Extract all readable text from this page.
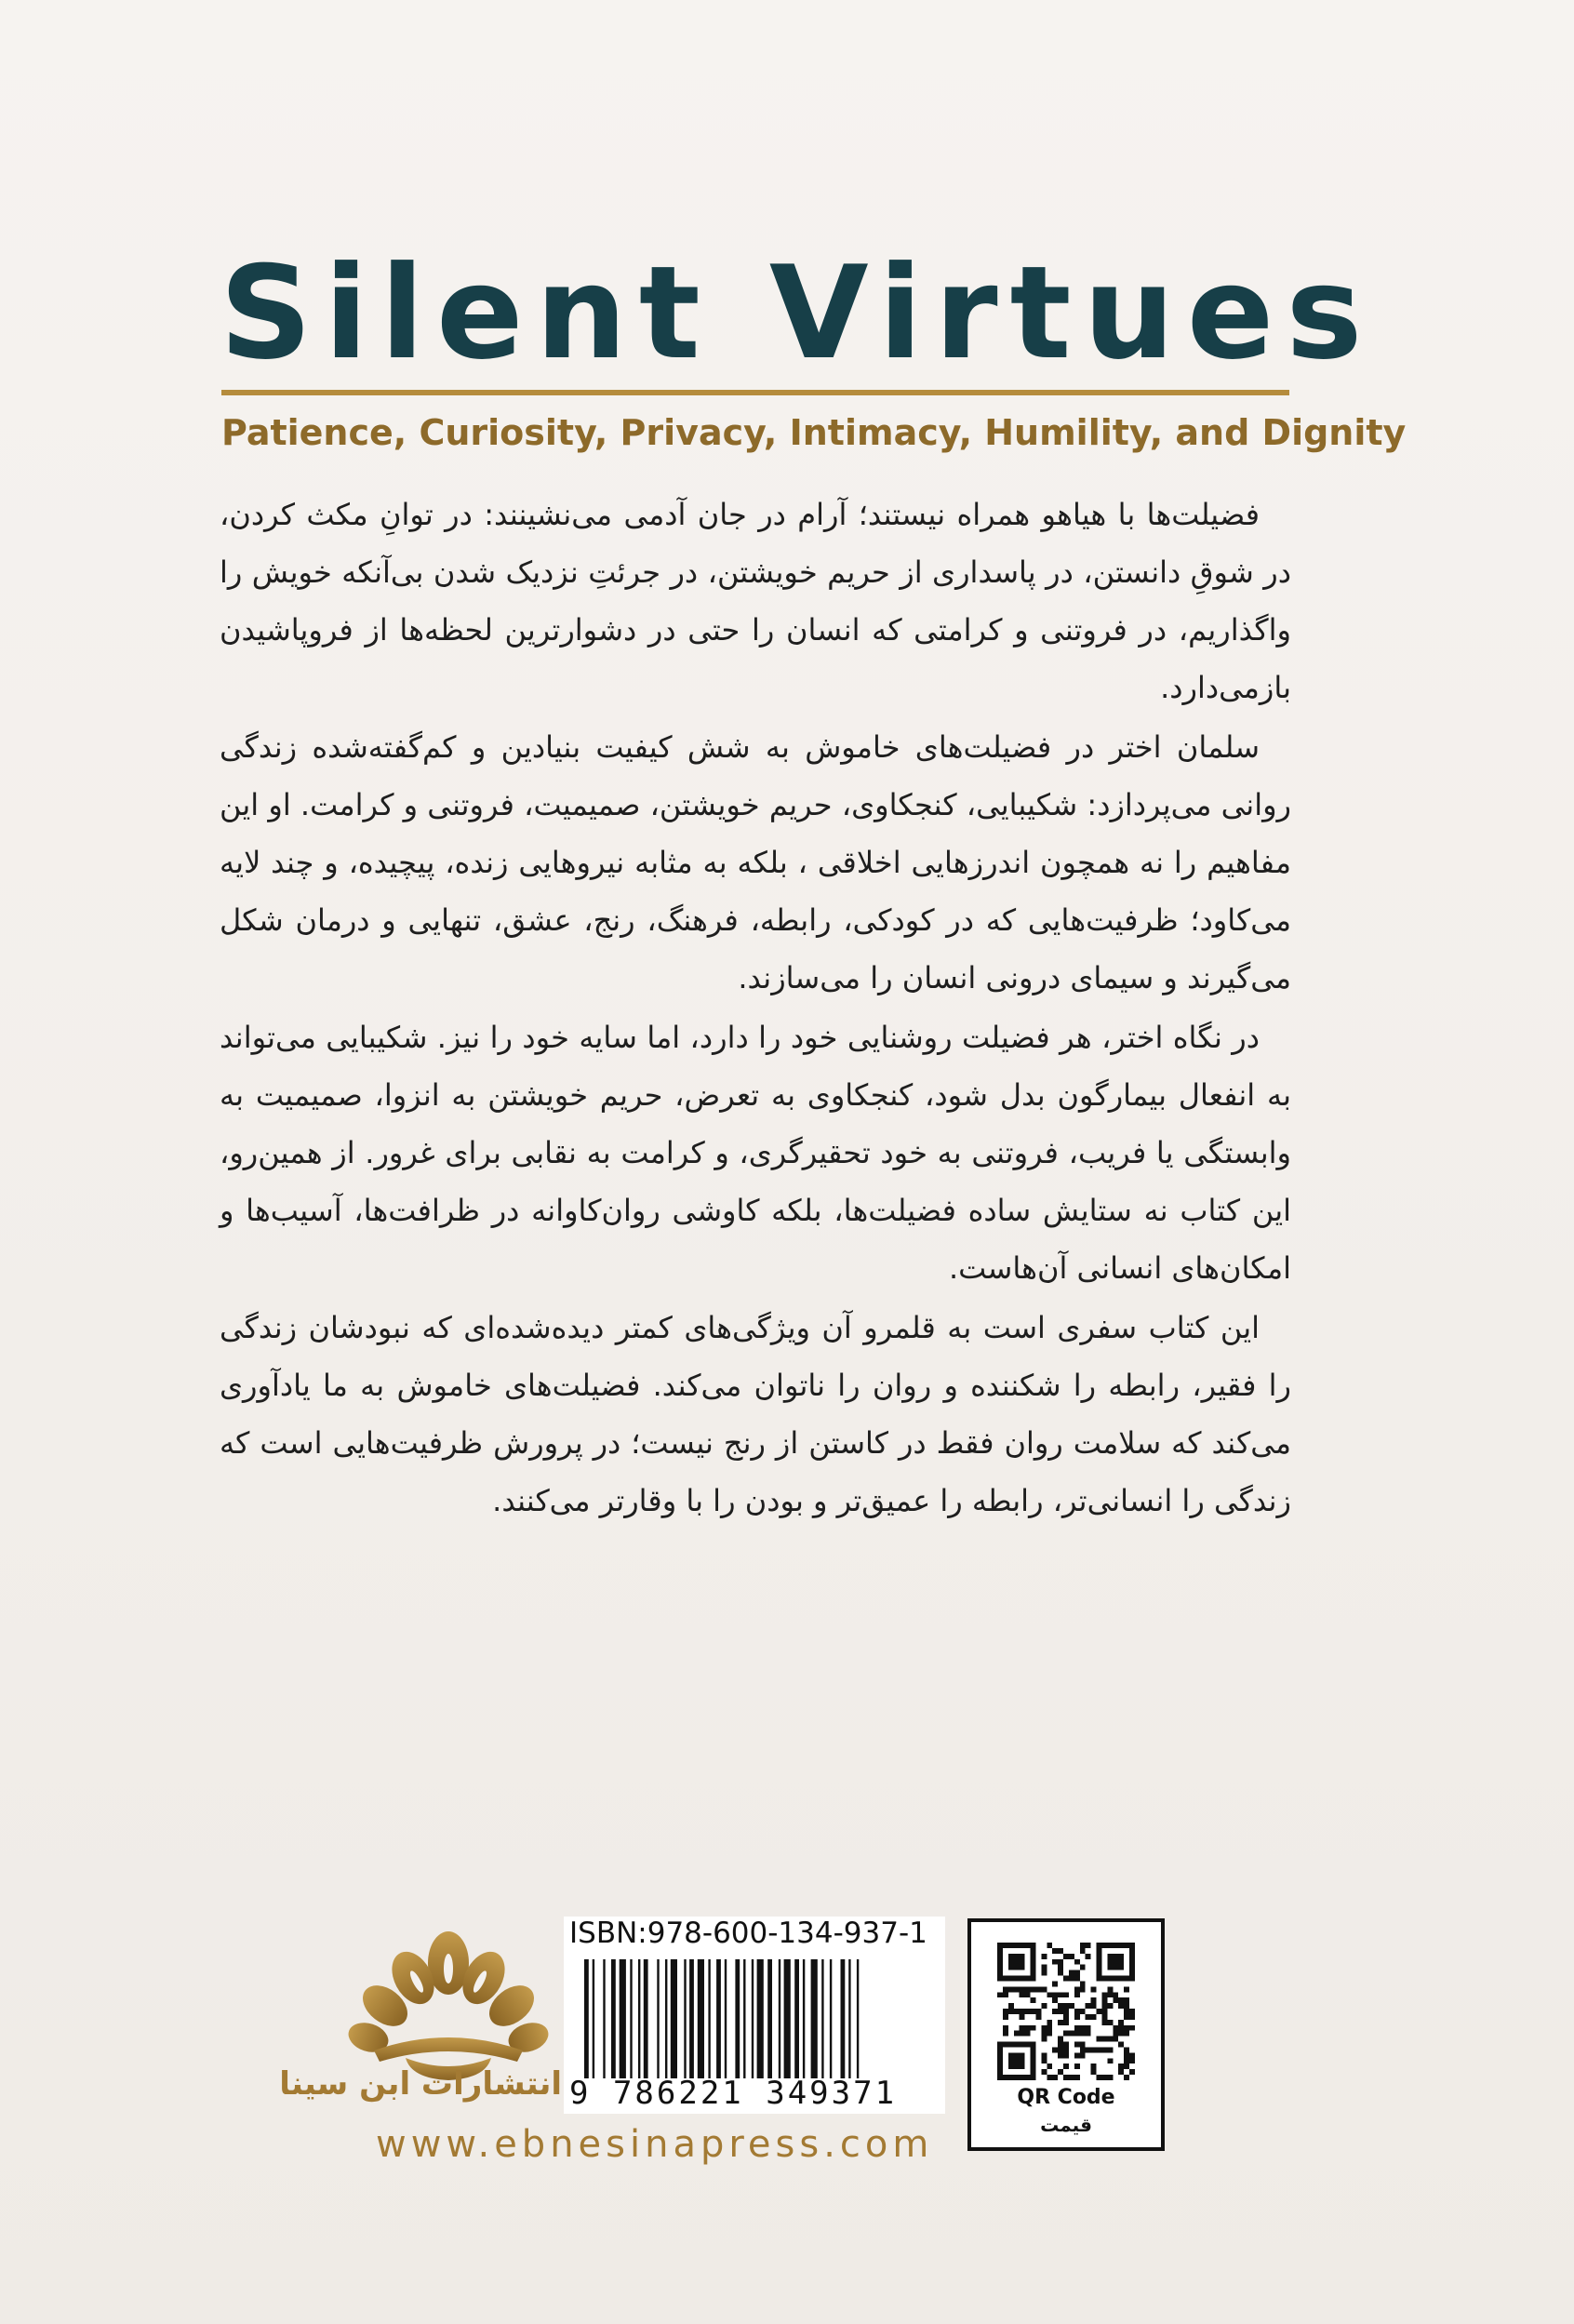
Silent Virtues
Patience, Curiosity, Privacy, Intimacy, Humility, and Dignity

فضیلت‌ها با هیاهو همراه نیستند؛ آرام در جان آدمی می‌نشینند: در توانِ مکث کردن، در شوقِ دانستن، در پاسداری از حریم خویشتن، در جرئتِ نزدیک شدن بی‌آنکه خویش را واگذاریم، در فروتنی و کرامتی که انسان را حتی در دشوارترین لحظه‌ها از فروپاشیدن بازمی‌دارد.

سلمان اختر در فضیلت‌های خاموش به شش کیفیت بنیادین و کم‌گفته‌شده زندگی روانی می‌پردازد: شکیبایی، کنجکاوی، حریم خویشتن، صمیمیت، فروتنی و کرامت. او این مفاهیم را نه همچون اندرزهایی اخلاقی ، بلکه به مثابه نیروهایی زنده، پیچیده، و چند لایه می‌کاود؛ ظرفیت‌هایی که در کودکی، رابطه، فرهنگ، رنج، عشق، تنهایی و درمان شکل می‌گیرند و سیمای درونی انسان را می‌سازند.

در نگاه اختر، هر فضیلت روشنایی خود را دارد، اما سایه خود را نیز. شکیبایی می‌تواند به انفعال بیمارگون بدل شود، کنجکاوی به تعرض، حریم خویشتن به انزوا، صمیمیت به وابستگی یا فریب، فروتنی به خود تحقیرگری، و کرامت به نقابی برای غرور. از همین‌رو، این کتاب نه ستایش ساده فضیلت‌ها، بلکه کاوشی روان‌کاوانه در ظرافت‌ها، آسیب‌ها و امکان‌های انسانی آن‌هاست.

این کتاب سفری است به قلمرو آن ویژگی‌های کمتر دیده‌شده‌ای که نبودشان زندگی را فقیر، رابطه را شکننده و روان را ناتوان می‌کند. فضیلت‌های خاموش به ما یادآوری می‌کند که سلامت روان فقط در کاستن از رنج نیست؛ در پرورش ظرفیت‌هایی است که زندگی را انسانی‌تر، رابطه را عمیق‌تر و بودن را با وقارتر می‌کنند.

انتشارات ابن سینا
www.ebnesinapress.com
ISBN:978-600-134-937-1
9 786221 349371	QR Code
قیمت
